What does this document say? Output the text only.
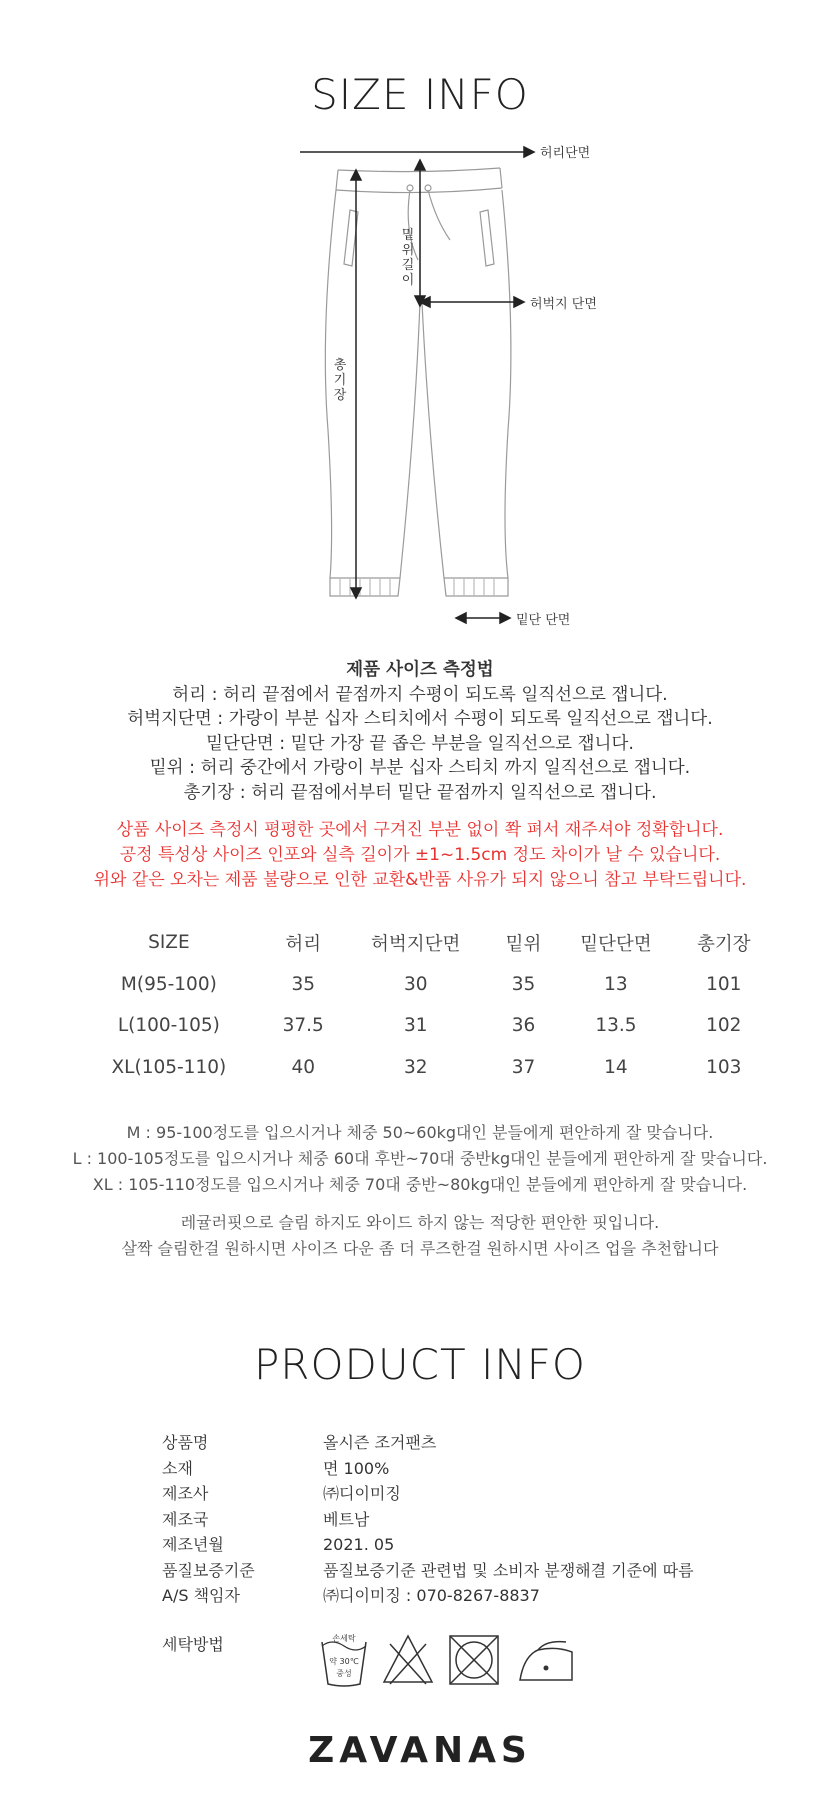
SIZE INFO
허리단면
밑위길이
허벅지 단면
총기장
밑단 단면
제품 사이즈 측정법
허리 : 허리 끝점에서 끝점까지 수평이 되도록 일직선으로 잽니다.
허벅지단면 : 가랑이 부분 십자 스티치에서 수평이 되도록 일직선으로 잽니다.
밑단단면 : 밑단 가장 끝 좁은 부분을 일직선으로 잽니다.
밑위 : 허리 중간에서 가랑이 부분 십자 스티치 까지 일직선으로 잽니다.
총기장 : 허리 끝점에서부터 밑단 끝점까지 일직선으로 잽니다.
상품 사이즈 측정시 평평한 곳에서 구겨진 부분 없이 쫙 펴서 재주셔야 정확합니다.
공정 특성상 사이즈 인포와 실측 길이가 ±1~1.5cm 정도 차이가 날 수 있습니다.
위와 같은 오차는 제품 불량으로 인한 교환&반품 사유가 되지 않으니 참고 부탁드립니다.
SIZE	허리	허벅지단면	밑위	밑단단면	총기장
M(95-100)	35	30	35	13	101
L(100-105)	37.5	31	36	13.5	102
XL(105-110)	40	32	37	14	103
M : 95-100정도를 입으시거나 체중 50~60kg대인 분들에게 편안하게 잘 맞습니다.
L : 100-105정도를 입으시거나 체중 60대 후반~70대 중반kg대인 분들에게 편안하게 잘 맞습니다.
XL : 105-110정도를 입으시거나 체중 70대 중반~80kg대인 분들에게 편안하게 잘 맞습니다.
레귤러핏으로 슬림 하지도 와이드 하지 않는 적당한 편안한 핏입니다.
살짝 슬림한걸 원하시면 사이즈 다운 좀 더 루즈한걸 원하시면 사이즈 업을 추천합니다
PRODUCT INFO
상품명	올시즌 조거팬츠
소재	면 100%
제조사	㈜디이미징
제조국	베트남
제조년월	2021. 05
품질보증기준	품질보증기준 관련법 및 소비자 분쟁해결 기준에 따름
A/S 책임자	㈜디이미징 : 070-8267-8837
세탁방법	손세탁
약 30℃
중성
ZAVANAS
